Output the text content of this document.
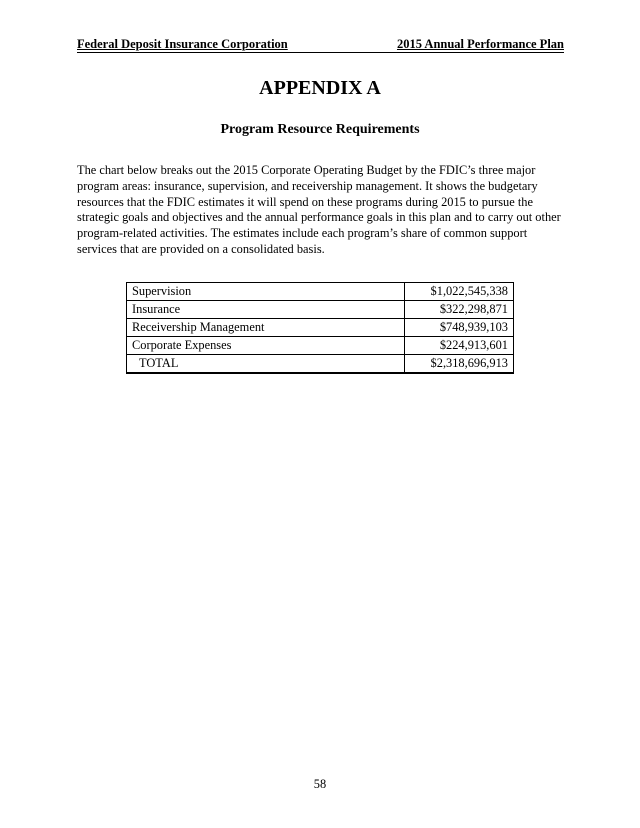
Federal Deposit Insurance Corporation	2015 Annual Performance Plan
APPENDIX A
Program Resource Requirements

The chart below breaks out the 2015 Corporate Operating Budget by the FDIC’s three major program areas: insurance, supervision, and receivership management. It shows the budgetary resources that the FDIC estimates it will spend on these programs during 2015 to pursue the strategic goals and objectives and the annual performance goals in this plan and to carry out other program-related activities. The estimates include each program’s share of common support services that are provided on a consolidated basis.

Supervision	$1,022,545,338
Insurance	$322,298,871
Receivership Management	$748,939,103
Corporate Expenses	$224,913,601
TOTAL	$2,318,696,913
58
